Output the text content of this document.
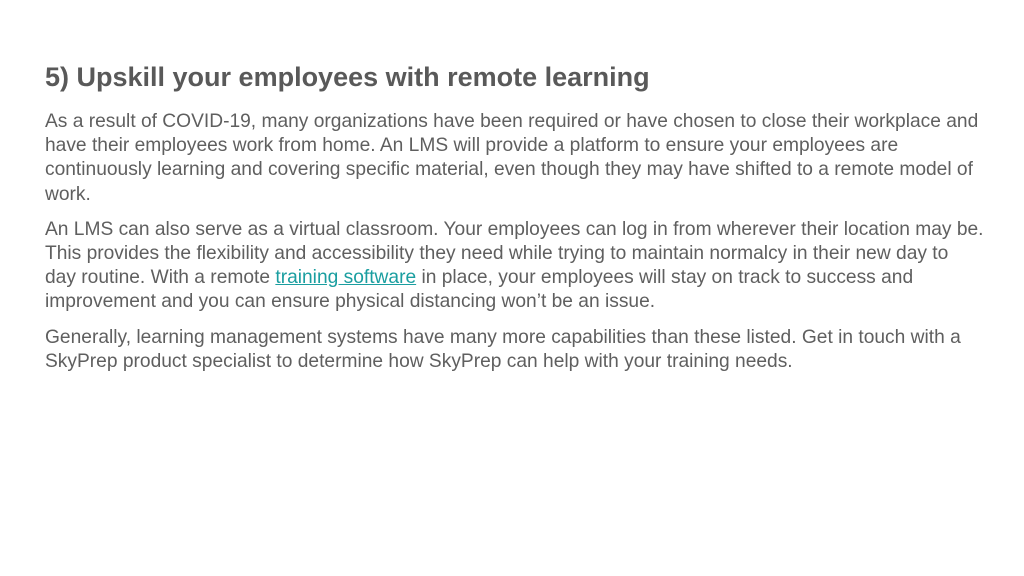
5) Upskill your employees with remote learning

As a result of COVID-19, many organizations have been required or have chosen to close their workplace and have their employees work from home. An LMS will provide a platform to ensure your employees are continuously learning and covering specific material, even though they may have shifted to a remote model of work.

An LMS can also serve as a virtual classroom. Your employees can log in from wherever their location may be. This provides the flexibility and accessibility they need while trying to maintain normalcy in their new day to day routine. With a remote training software in place, your employees will stay on track to success and improvement and you can ensure physical distancing won’t be an issue.

Generally, learning management systems have many more capabilities than these listed. Get in touch with a SkyPrep product specialist to determine how SkyPrep can help with your training needs.
